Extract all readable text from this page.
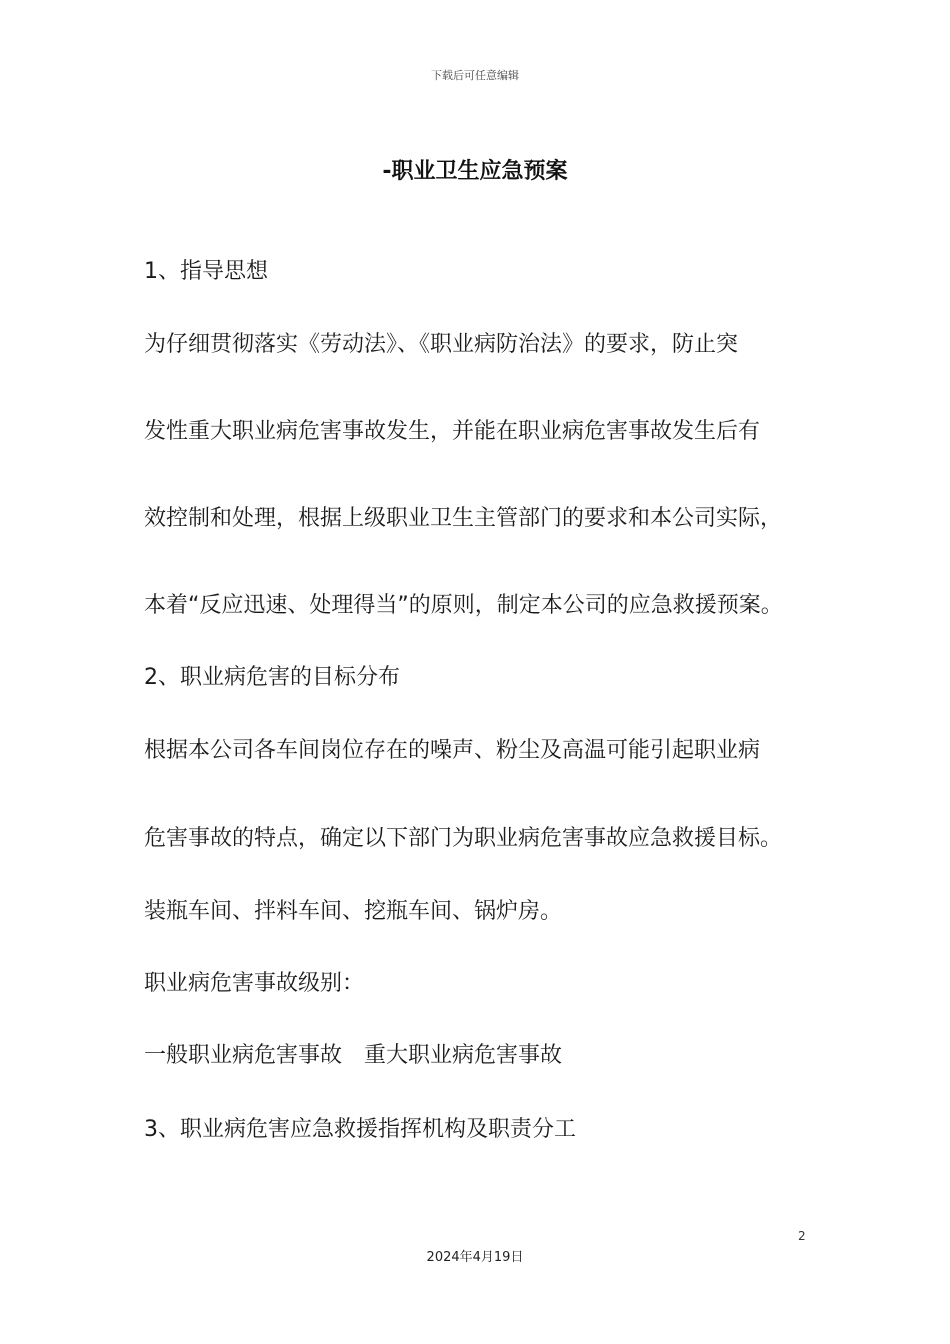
下载后可任意编辑
-职业卫生应急预案
1、指导思想
为仔细贯彻落实《劳动法》、《职业病防治法》的要求，防止突
发性重大职业病危害事故发生，并能在职业病危害事故发生后有
效控制和处理，根据上级职业卫生主管部门的要求和本公司实际，
本着“反应迅速、处理得当”的原则，制定本公司的应急救援预案。
2、职业病危害的目标分布
根据本公司各车间岗位存在的噪声、粉尘及高温可能引起职业病
危害事故的特点，确定以下部门为职业病危害事故应急救援目标。
装瓶车间、拌料车间、挖瓶车间、锅炉房。
职业病危害事故级别：
一般职业病危害事故 重大职业病危害事故
3、职业病危害应急救援指挥机构及职责分工
2
2024年4月19日
